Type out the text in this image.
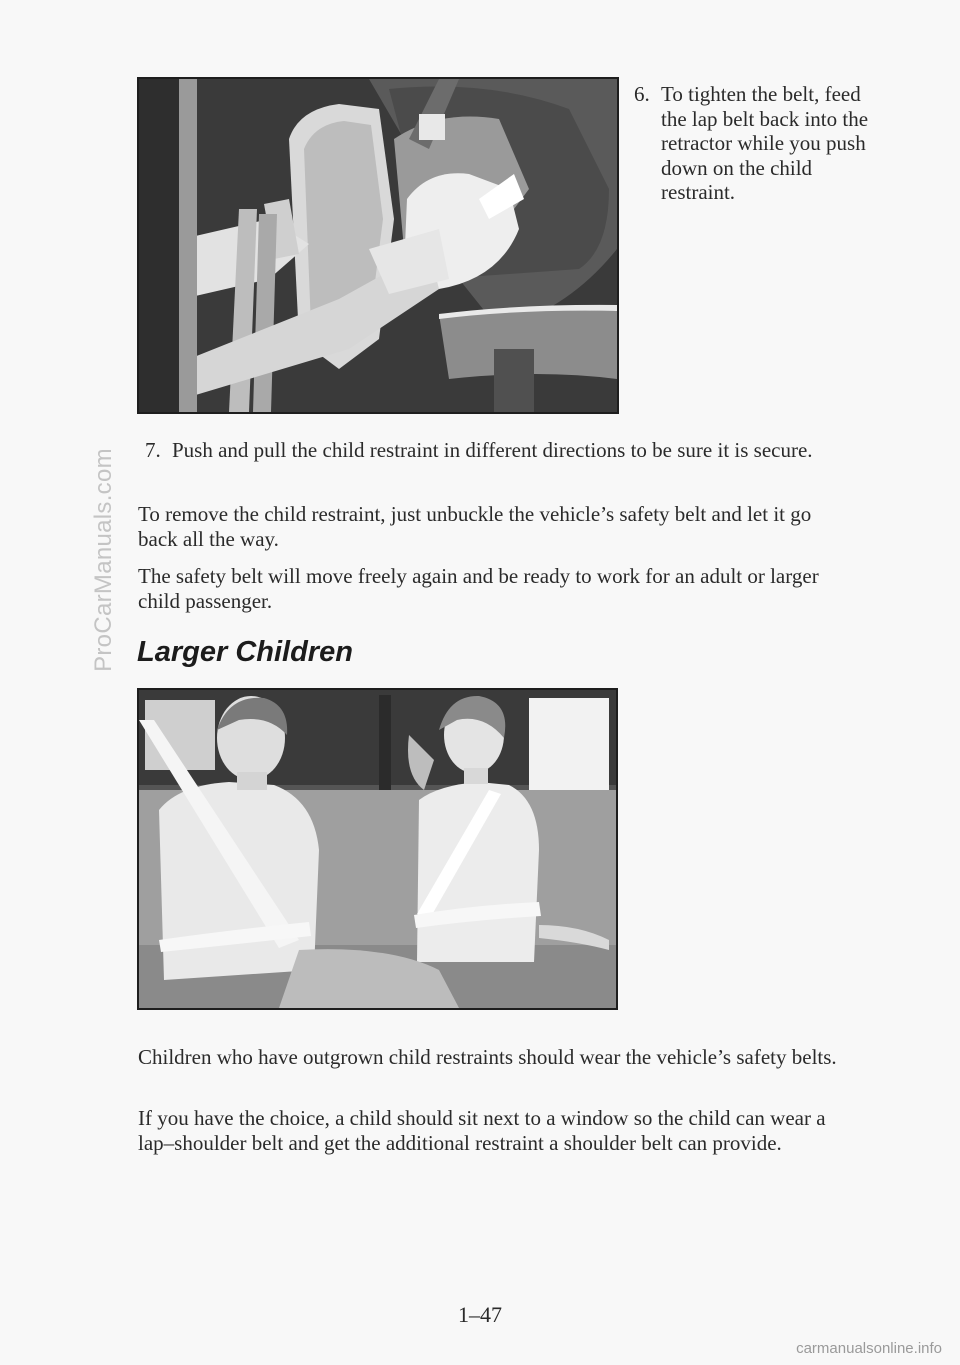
ProCarManuals.com
6. To tighten the belt, feed the lap belt back into the retractor while you push down on the child restraint.
7. Push and pull the child restraint in different directions to be sure it is secure.

To remove the child restraint, just unbuckle the vehicle’s safety belt and let it go back all the way.

The safety belt will move freely again and be ready to work for an adult or larger child passenger.

Larger Children

Children who have outgrown child restraints should wear the vehicle’s safety belts.

If you have the choice, a child should sit next to a window so the child can wear a lap–shoulder belt and get the additional restraint a shoulder belt can provide.

1–47
carmanualsonline.info
